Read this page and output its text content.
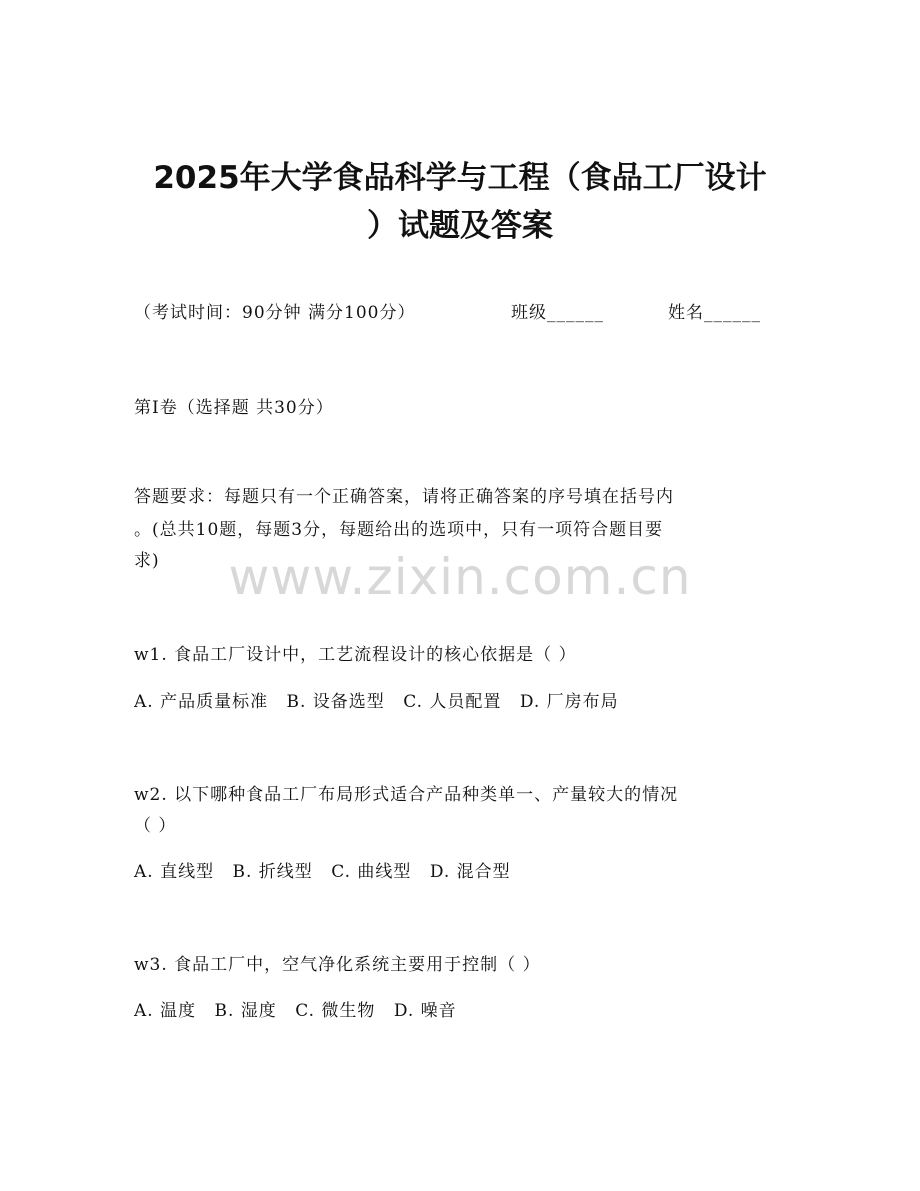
2025年大学食品科学与工程（食品工厂设计
）试题及答案
（考试时间：90分钟 满分100分）	班级______	姓名______
第Ⅰ卷（选择题 共30分）
答题要求：每题只有一个正确答案，请将正确答案的序号填在括号内
。(总共10题，每题3分，每题给出的选项中，只有一项符合题目要
求)	www.zixin.com.cn
w1. 食品工厂设计中，工艺流程设计的核心依据是（ ）
A. 产品质量标准 B. 设备选型 C. 人员配置 D. 厂房布局
w2. 以下哪种食品工厂布局形式适合产品种类单一、产量较大的情况
（ ）
A. 直线型 B. 折线型 C. 曲线型 D. 混合型
w3. 食品工厂中，空气净化系统主要用于控制（ ）
A. 温度 B. 湿度 C. 微生物 D. 噪音
